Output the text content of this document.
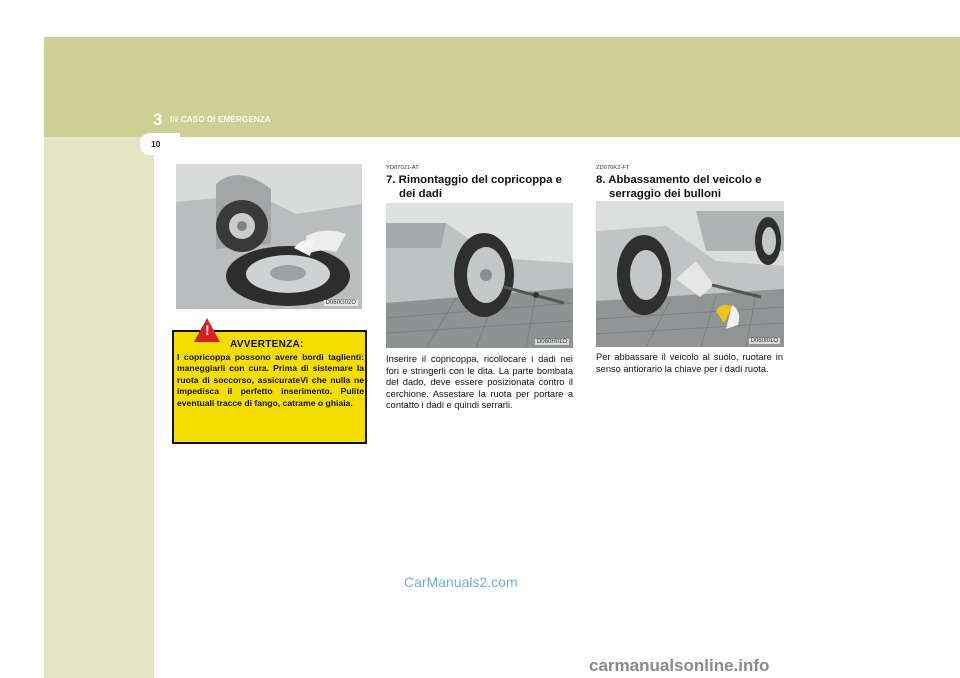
3 IN CASO DI EMERGENZA
10
D060G02O
!
AVVERTENZA:

I copricoppa possono avere bordi taglienti: maneggiarli con cura. Prima di sistemare la ruota di soccorso, assicurateVi che nulla ne impedisca il perfetto inserimento. Pulite eventuali tracce di fango, catrame o ghiaia.

YD070J1-AT
7. Rimontaggio del copricoppa e
dei dadi
D060H01O

Inserire il copricoppa, ricollocare i dadi nei fori e stringerli con le dita. La parte bombata del dado, deve essere posizionata contro il cerchione. Assestare la ruota per portare a contatto i dadi e quindi serrarli.

ZD070K2-FT
8. Abbassamento del veicolo e
serraggio dei bulloni
D060I01O

Per abbassare il veicolo al suolo, ruotare in senso antiorario la chiave per i dadi ruota.

CarManuals2.com
carmanualsonline.info
